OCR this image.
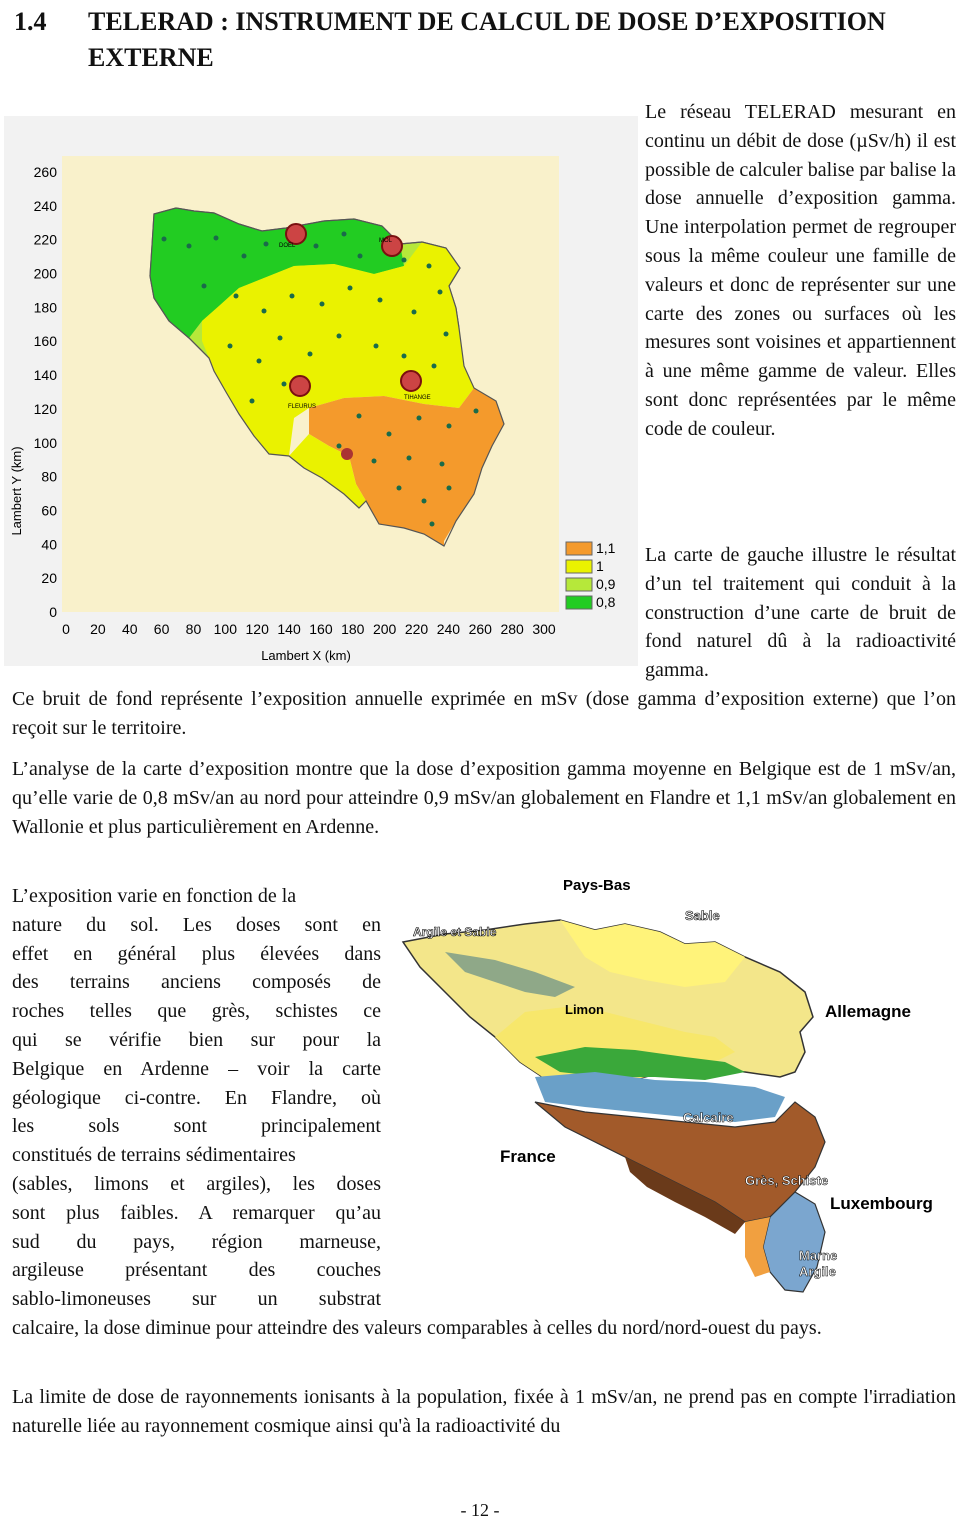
1.4 TELERAD : INSTRUMENT DE CALCUL DE DOSE D’EXPOSITION
EXTERNE
Lambert Y (km)
0
20
40
60
80
100
120
140
160
180
200
220
240
260
0 20 40 60 80 100 120 140 160 180 200 220 240 260 280 300
Lambert X (km)
DOEL
MOL
FLEURUS
TIHANGE
1,1
1
0,9
0,8

Le réseau TELERAD mesurant en continu un débit de dose (µSv/h) il est possible de calculer balise par balise la dose annuelle d’exposition gamma. Une interpolation permet de regrouper sous la même couleur une famille de valeurs et donc de représenter sur une carte des zones ou surfaces où les mesures sont voisines et appartiennent à une même gamme de valeur. Elles sont donc représentées par le même code de couleur.

La carte de gauche illustre le résultat d’un tel traitement qui conduit à la construction d’une carte de bruit de fond naturel dû à la radioactivité gamma.

Ce bruit de fond représente l’exposition annuelle exprimée en mSv (dose gamma d’exposition externe) que l’on reçoit sur le territoire.

L’analyse de la carte d’exposition montre que la dose d’exposition gamma moyenne en Belgique est de 1 mSv/an, qu’elle varie de 0,8 mSv/an au nord pour atteindre 0,9 mSv/an globalement en Flandre et 1,1 mSv/an globalement en Wallonie et plus particulièrement en Ardenne.

L’exposition varie en fonction de la
nature du sol. Les doses sont en
effet en général plus élevées dans
des terrains anciens composés de
roches telles que grès, schistes ce
qui se vérifie bien sur pour la
Belgique en Ardenne – voir la carte
géologique ci-contre. En Flandre, où
les sols sont principalement
constitués de terrains sédimentaires
(sables, limons et argiles), les doses
sont plus faibles. A remarquer qu’au
sud du pays, région marneuse,
argileuse présentant des couches
sablo-limoneuses sur un substrat
Pays-Bas
Sable
Argile et Sable
Limon	Allemagne
Calcaire
France
Grès, Schiste
Luxembourg
Marne
Argile

calcaire, la dose diminue pour atteindre des valeurs comparables à celles du nord/nord-ouest du pays.

La limite de dose de rayonnements ionisants à la population, fixée à 1 mSv/an, ne prend pas en compte l'irradiation naturelle liée au rayonnement cosmique ainsi qu'à la radioactivité du

- 12 -
